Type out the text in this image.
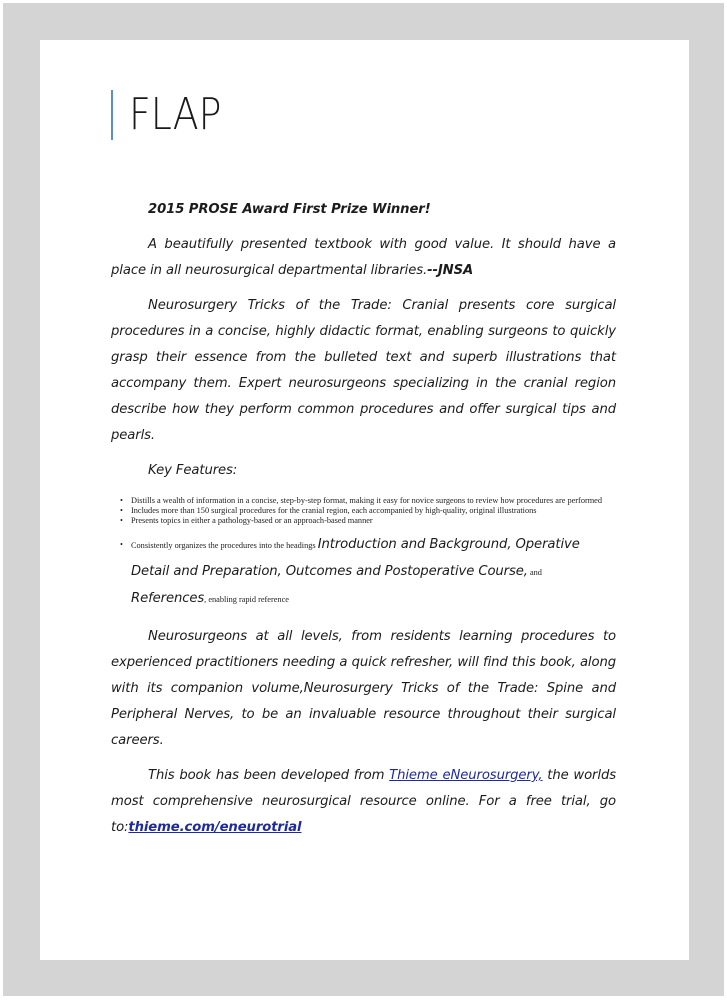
FLAP

2015 PROSE Award First Prize Winner!

A beautifully presented textbook with good value. It should have a place in all neurosurgical departmental libraries.--JNSA

Neurosurgery Tricks of the Trade: Cranial presents core surgical procedures in a concise, highly didactic format, enabling surgeons to quickly grasp their essence from the bulleted text and superb illustrations that accompany them. Expert neurosurgeons specializing in the cranial region describe how they perform common procedures and offer surgical tips and pearls.

Key Features:

• Distills a wealth of information in a concise, step-by-step format, making it easy for novice surgeons to review how procedures are performed
• Includes more than 150 surgical procedures for the cranial region, each accompanied by high-quality, original illustrations
• Presents topics in either a pathology-based or an approach-based manner
• Consistently organizes the procedures into the headings Introduction and Background, Operative Detail and Preparation, Outcomes and Postoperative Course, and References, enabling rapid reference

Neurosurgeons at all levels, from residents learning procedures to experienced practitioners needing a quick refresher, will find this book, along with its companion volume,Neurosurgery Tricks of the Trade: Spine and Peripheral Nerves, to be an invaluable resource throughout their surgical careers.

This book has been developed from Thieme eNeurosurgery, the worlds most comprehensive neurosurgical resource online. For a free trial, go to:thieme.com/eneurotrial
